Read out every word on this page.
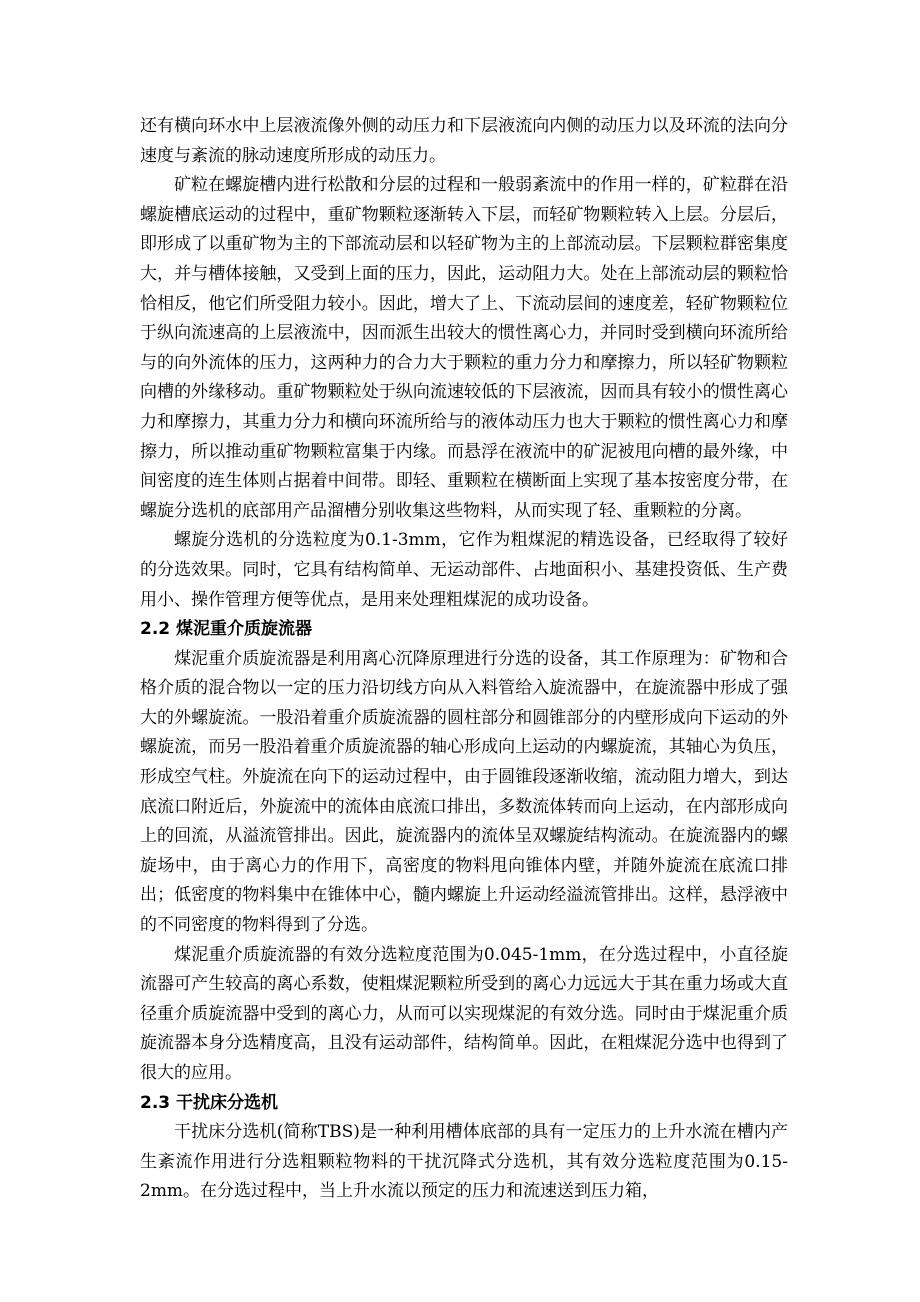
还有横向环水中上层液流像外侧的动压力和下层液流向内侧的动压力以及环流的法向分速度与紊流的脉动速度所形成的动压力。

矿粒在螺旋槽内进行松散和分层的过程和一般弱紊流中的作用一样的，矿粒群在沿螺旋槽底运动的过程中，重矿物颗粒逐渐转入下层，而轻矿物颗粒转入上层。分层后，即形成了以重矿物为主的下部流动层和以轻矿物为主的上部流动层。下层颗粒群密集度大，并与槽体接触，又受到上面的压力，因此，运动阻力大。处在上部流动层的颗粒恰恰相反，他它们所受阻力较小。因此，增大了上、下流动层间的速度差，轻矿物颗粒位于纵向流速高的上层液流中，因而派生出较大的惯性离心力，并同时受到横向环流所给与的向外流体的压力，这两种力的合力大于颗粒的重力分力和摩擦力，所以轻矿物颗粒向槽的外缘移动。重矿物颗粒处于纵向流速较低的下层液流，因而具有较小的惯性离心力和摩擦力，其重力分力和横向环流所给与的液体动压力也大于颗粒的惯性离心力和摩擦力，所以推动重矿物颗粒富集于内缘。而悬浮在液流中的矿泥被甩向槽的最外缘，中间密度的连生体则占据着中间带。即轻、重颗粒在横断面上实现了基本按密度分带，在螺旋分选机的底部用产品溜槽分别收集这些物料，从而实现了轻、重颗粒的分离。

螺旋分选机的分选粒度为0.1-3mm，它作为粗煤泥的精选设备，已经取得了较好的分选效果。同时，它具有结构简单、无运动部件、占地面积小、基建投资低、生产费用小、操作管理方便等优点，是用来处理粗煤泥的成功设备。

2.2 煤泥重介质旋流器

煤泥重介质旋流器是利用离心沉降原理进行分选的设备，其工作原理为：矿物和合格介质的混合物以一定的压力沿切线方向从入料管给入旋流器中，在旋流器中形成了强大的外螺旋流。一股沿着重介质旋流器的圆柱部分和圆锥部分的内壁形成向下运动的外螺旋流，而另一股沿着重介质旋流器的轴心形成向上运动的内螺旋流，其轴心为负压，形成空气柱。外旋流在向下的运动过程中，由于圆锥段逐渐收缩，流动阻力增大，到达底流口附近后，外旋流中的流体由底流口排出，多数流体转而向上运动，在内部形成向上的回流，从溢流管排出。因此，旋流器内的流体呈双螺旋结构流动。在旋流器内的螺旋场中，由于离心力的作用下，高密度的物料甩向锥体内壁，并随外旋流在底流口排出；低密度的物料集中在锥体中心，髓内螺旋上升运动经溢流管排出。这样，悬浮液中的不同密度的物料得到了分选。

煤泥重介质旋流器的有效分选粒度范围为0.045-1mm，在分选过程中，小直径旋流器可产生较高的离心系数，使粗煤泥颗粒所受到的离心力远远大于其在重力场或大直径重介质旋流器中受到的离心力，从而可以实现煤泥的有效分选。同时由于煤泥重介质旋流器本身分选精度高，且没有运动部件，结构简单。因此，在粗煤泥分选中也得到了很大的应用。

2.3 干扰床分选机

干扰床分选机(简称TBS)是一种利用槽体底部的具有一定压力的上升水流在槽内产生紊流作用进行分选粗颗粒物料的干扰沉降式分选机，其有效分选粒度范围为0.15-2mm。在分选过程中，当上升水流以预定的压力和流速送到压力箱，
